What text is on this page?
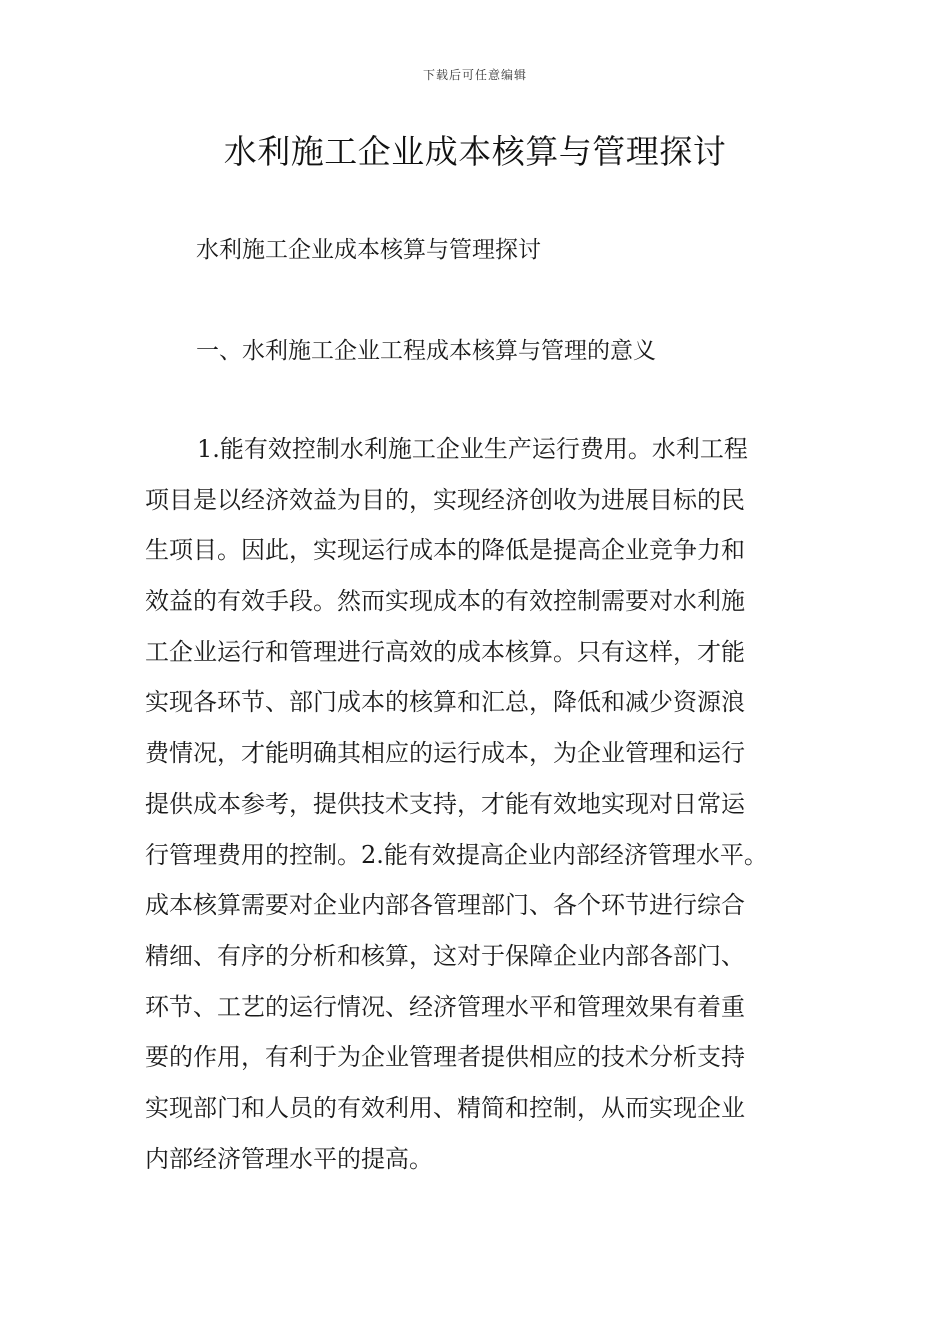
下载后可任意编辑
水利施工企业成本核算与管理探讨
水利施工企业成本核算与管理探讨
一、水利施工企业工程成本核算与管理的意义
1.能有效控制水利施工企业生产运行费用。水利工程
项目是以经济效益为目的，实现经济创收为进展目标的民
生项目。因此，实现运行成本的降低是提高企业竞争力和
效益的有效手段。然而实现成本的有效控制需要对水利施
工企业运行和管理进行高效的成本核算。只有这样，才能
实现各环节、部门成本的核算和汇总，降低和减少资源浪
费情况，才能明确其相应的运行成本，为企业管理和运行
提供成本参考，提供技术支持，才能有效地实现对日常运
行管理费用的控制。2.能有效提高企业内部经济管理水平。
成本核算需要对企业内部各管理部门、各个环节进行综合
精细、有序的分析和核算，这对于保障企业内部各部门、
环节、工艺的运行情况、经济管理水平和管理效果有着重
要的作用，有利于为企业管理者提供相应的技术分析支持
实现部门和人员的有效利用、精简和控制，从而实现企业
内部经济管理水平的提高。
